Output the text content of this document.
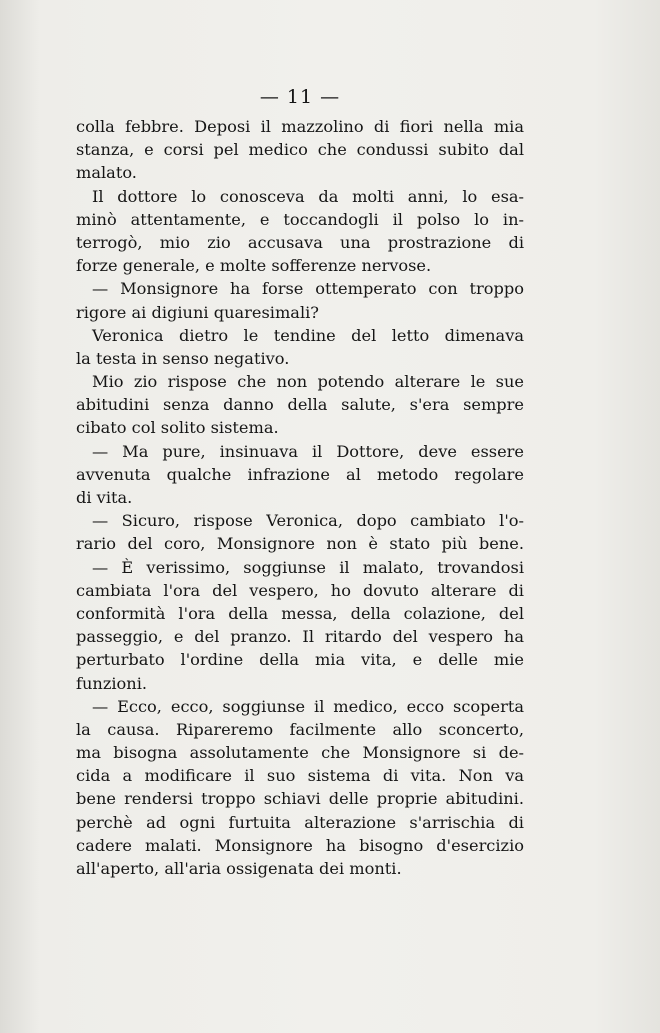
— 11 —
colla febbre. Deposi il mazzolino di fiori nella mia
stanza, e corsi pel medico che condussi subito dal
malato.
Il dottore lo conosceva da molti anni, lo esa-
minò attentamente, e toccandogli il polso lo in-
terrogò, mio zio accusava una prostrazione di
forze generale, e molte sofferenze nervose.
— Monsignore ha forse ottemperato con troppo
rigore ai digiuni quaresimali?
Veronica dietro le tendine del letto dimenava
la testa in senso negativo.
Mio zio rispose che non potendo alterare le sue
abitudini senza danno della salute, s'era sempre
cibato col solito sistema.
— Ma pure, insinuava il Dottore, deve essere
avvenuta qualche infrazione al metodo regolare
di vita.
— Sicuro, rispose Veronica, dopo cambiato l'o-
rario del coro, Monsignore non è stato più bene.
— È verissimo, soggiunse il malato, trovandosi
cambiata l'ora del vespero, ho dovuto alterare di
conformità l'ora della messa, della colazione, del
passeggio, e del pranzo. Il ritardo del vespero ha
perturbato l'ordine della mia vita, e delle mie
funzioni.
— Ecco, ecco, soggiunse il medico, ecco scoperta
la causa. Ripareremo facilmente allo sconcerto,
ma bisogna assolutamente che Monsignore si de-
cida a modificare il suo sistema di vita. Non va
bene rendersi troppo schiavi delle proprie abitudini.
perchè ad ogni furtuita alterazione s'arrischia di
cadere malati. Monsignore ha bisogno d'esercizio
all'aperto, all'aria ossigenata dei monti.
